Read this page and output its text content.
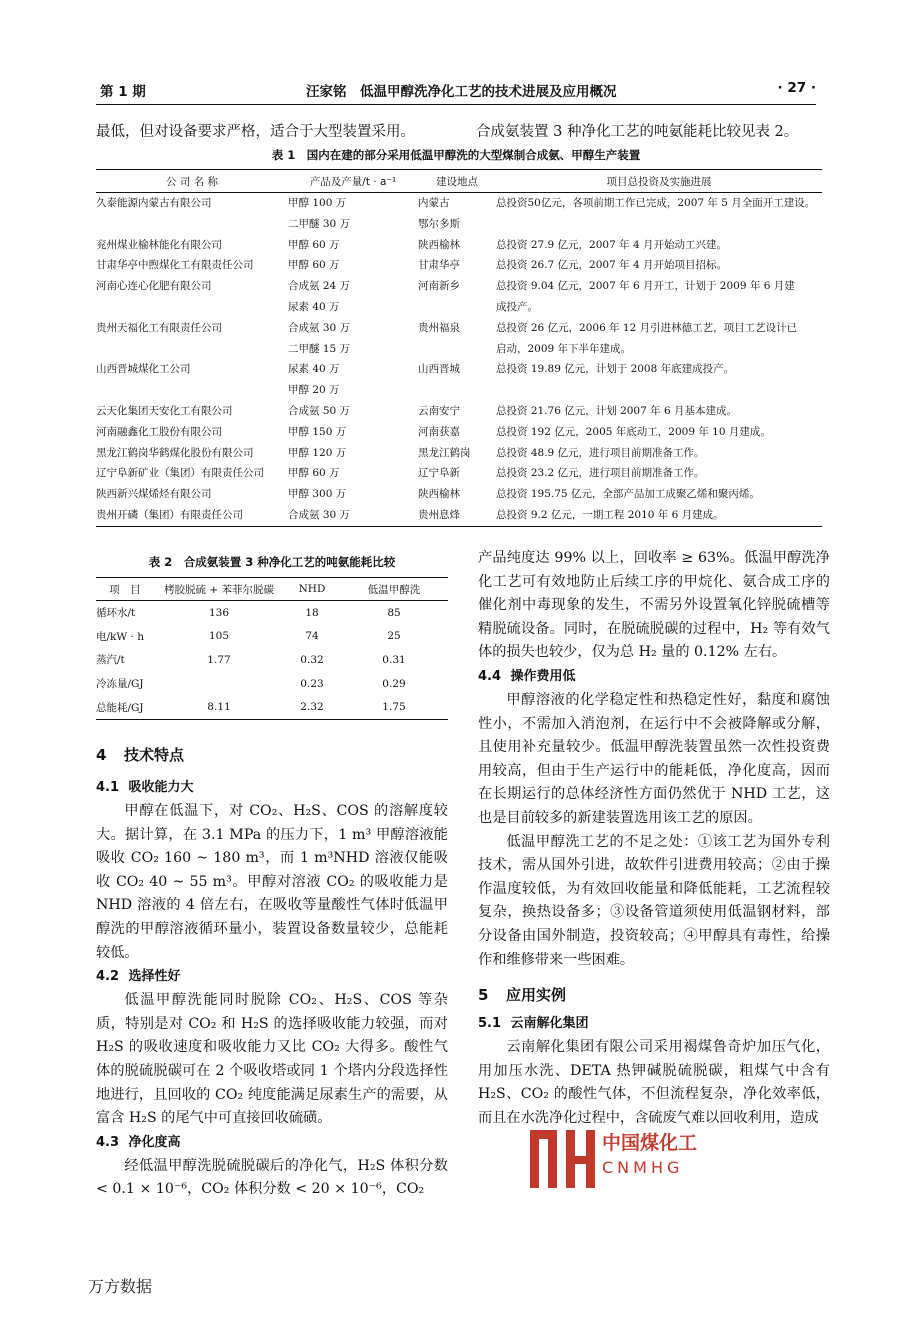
第 1 期	汪家铭　低温甲醇洗净化工艺的技术进展及应用概况	· 27 ·
最低，但对设备要求严格，适合于大型装置采用。	合成氨装置 3 种净化工艺的吨氨能耗比较见表 2。
表 1　国内在建的部分采用低温甲醇洗的大型煤制合成氨、甲醇生产装置
公 司 名 称	产品及产量/t · a⁻¹	建设地点	项目总投资及实施进展
久泰能源内蒙古有限公司	甲醇 100 万	内蒙古	总投资50亿元，各项前期工作已完成，2007 年 5 月全面开工建设。
	二甲醚 30 万	鄂尔多斯	
兖州煤业榆林能化有限公司	甲醇 60 万	陕西榆林	总投资 27.9 亿元，2007 年 4 月开始动工兴建。
甘肃华亭中煦煤化工有限责任公司	甲醇 60 万	甘肃华亭	总投资 26.7 亿元，2007 年 4 月开始项目招标。
河南心连心化肥有限公司	合成氨 24 万	河南新乡	总投资 9.04 亿元，2007 年 6 月开工，计划于 2009 年 6 月建
	尿素 40 万		成投产。
贵州天福化工有限责任公司	合成氨 30 万	贵州福泉	总投资 26 亿元，2006 年 12 月引进林德工艺，项目工艺设计已
	二甲醚 15 万		启动，2009 年下半年建成。
山西晋城煤化工公司	尿素 40 万	山西晋城	总投资 19.89 亿元，计划于 2008 年底建成投产。
	甲醇 20 万		
云天化集团天安化工有限公司	合成氨 50 万	云南安宁	总投资 21.76 亿元，计划 2007 年 6 月基本建成。
河南融鑫化工股份有限公司	甲醇 150 万	河南获嘉	总投资 192 亿元，2005 年底动工，2009 年 10 月建成。
黑龙江鹤岗华鹤煤化股份有限公司	甲醇 120 万	黑龙江鹤岗	总投资 48.9 亿元，进行项目前期准备工作。
辽宁阜新矿业（集团）有限责任公司	甲醇 60 万	辽宁阜新	总投资 23.2 亿元，进行项目前期准备工作。
陕西新兴煤烯烃有限公司	甲醇 300 万	陕西榆林	总投资 195.75 亿元，全部产品加工成聚乙烯和聚丙烯。
贵州开磷（集团）有限责任公司	合成氨 30 万	贵州息烽	总投资 9.2 亿元，一期工程 2010 年 6 月建成。
表 2　合成氨装置 3 种净化工艺的吨氨能耗比较
项　目	栲胶脱硫 + 苯菲尔脱碳	NHD	低温甲醇洗
循环水/t	136	18	85
电/kW · h	105	74	25
蒸汽/t	1.77	0.32	0.31
冷冻量/GJ		0.23	0.29
总能耗/GJ	8.11	2.32	1.75
4 技术特点
4.1 吸收能力大

甲醇在低温下，对 CO₂、H₂S、COS 的溶解度较大。据计算，在 3.1 MPa 的压力下，1 m³ 甲醇溶液能吸收 CO₂ 160 ~ 180 m³，而 1 m³NHD 溶液仅能吸收 CO₂ 40 ~ 55 m³。甲醇对溶液 CO₂ 的吸收能力是 NHD 溶液的 4 倍左右，在吸收等量酸性气体时低温甲醇洗的甲醇溶液循环量小，装置设备数量较少，总能耗较低。

4.2 选择性好

低温甲醇洗能同时脱除 CO₂、H₂S、COS 等杂质，特别是对 CO₂ 和 H₂S 的选择吸收能力较强，而对 H₂S 的吸收速度和吸收能力又比 CO₂ 大得多。酸性气体的脱硫脱碳可在 2 个吸收塔或同 1 个塔内分段选择性地进行，且回收的 CO₂ 纯度能满足尿素生产的需要，从富含 H₂S 的尾气中可直接回收硫磺。

4.3 净化度高

经低温甲醇洗脱硫脱碳后的净化气，H₂S 体积分数 < 0.1 × 10⁻⁶，CO₂ 体积分数 < 20 × 10⁻⁶，CO₂

产品纯度达 99% 以上，回收率 ≥ 63%。低温甲醇洗净化工艺可有效地防止后续工序的甲烷化、氨合成工序的催化剂中毒现象的发生，不需另外设置氧化锌脱硫槽等精脱硫设备。同时，在脱硫脱碳的过程中，H₂ 等有效气体的损失也较少，仅为总 H₂ 量的 0.12% 左右。

4.4 操作费用低

甲醇溶液的化学稳定性和热稳定性好，黏度和腐蚀性小，不需加入消泡剂，在运行中不会被降解或分解，且使用补充量较少。低温甲醇洗装置虽然一次性投资费用较高，但由于生产运行中的能耗低，净化度高，因而在长期运行的总体经济性方面仍然优于 NHD 工艺，这也是目前较多的新建装置选用该工艺的原因。

低温甲醇洗工艺的不足之处：①该工艺为国外专利技术，需从国外引进，故软件引进费用较高；②由于操作温度较低，为有效回收能量和降低能耗，工艺流程较复杂，换热设备多；③设备管道须使用低温钢材料，部分设备由国外制造，投资较高；④甲醇具有毒性，给操作和维修带来一些困难。

5 应用实例
5.1 云南解化集团

云南解化集团有限公司采用褐煤鲁奇炉加压气化，用加压水洗、DETA 热钾碱脱硫脱碳，粗煤气中含有 H₂S、CO₂ 的酸性气体，不但流程复杂，净化效率低，而且在水洗净化过程中，含硫废气难以回收利用，造成

中国煤化工
CNMHG
万方数据
